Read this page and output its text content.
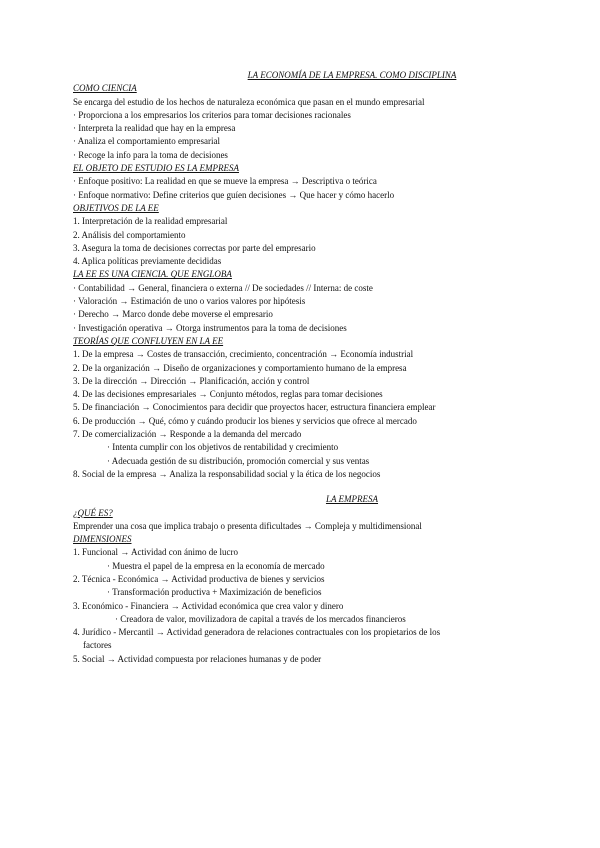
LA ECONOMÍA DE LA EMPRESA. COMO DISCIPLINA
COMO CIENCIA
Se encarga del estudio de los hechos de naturaleza económica que pasan en el mundo empresarial
· Proporciona a los empresarios los criterios para tomar decisiones racionales
· Interpreta la realidad que hay en la empresa
· Analiza el comportamiento empresarial
· Recoge la info para la toma de decisiones
EL OBJETO DE ESTUDIO ES LA EMPRESA
· Enfoque positivo: La realidad en que se mueve la empresa → Descriptiva o teórica
· Enfoque normativo: Define criterios que guíen decisiones → Que hacer y cómo hacerlo
OBJETIVOS DE LA EE
1. Interpretación de la realidad empresarial
2. Análisis del comportamiento
3. Asegura la toma de decisiones correctas por parte del empresario
4. Aplica políticas previamente decididas
LA EE ES UNA CIENCIA. QUE ENGLOBA
· Contabilidad → General, financiera o externa // De sociedades // Interna: de coste
· Valoración → Estimación de uno o varios valores por hipótesis
· Derecho → Marco donde debe moverse el empresario
· Investigación operativa → Otorga instrumentos para la toma de decisiones
TEORÍAS QUE CONFLUYEN EN LA EE
1. De la empresa → Costes de transacción, crecimiento, concentración → Economía industrial
2. De la organización → Diseño de organizaciones y comportamiento humano de la empresa
3. De la dirección → Dirección → Planificación, acción y control
4. De las decisiones empresariales → Conjunto métodos, reglas para tomar decisiones
5. De financiación → Conocimientos para decidir que proyectos hacer, estructura financiera emplear
6. De producción → Qué, cómo y cuándo producir los bienes y servicios que ofrece al mercado
7. De comercialización → Responde a la demanda del mercado
· Intenta cumplir con los objetivos de rentabilidad y crecimiento
· Adecuada gestión de su distribución, promoción comercial y sus ventas
8. Social de la empresa → Analiza la responsabilidad social y la ética de los negocios
LA EMPRESA
¿QUÉ ES?
Emprender una cosa que implica trabajo o presenta dificultades → Compleja y multidimensional
DIMENSIONES
1. Funcional → Actividad con ánimo de lucro
· Muestra el papel de la empresa en la economía de mercado
2. Técnica - Económica → Actividad productiva de bienes y servicios
· Transformación productiva + Maximización de beneficios
3. Económico - Financiera → Actividad económica que crea valor y dinero
· Creadora de valor, movilizadora de capital a través de los mercados financieros
4. Jurídico - Mercantil → Actividad generadora de relaciones contractuales con los propietarios de los
factores
5. Social → Actividad compuesta por relaciones humanas y de poder
